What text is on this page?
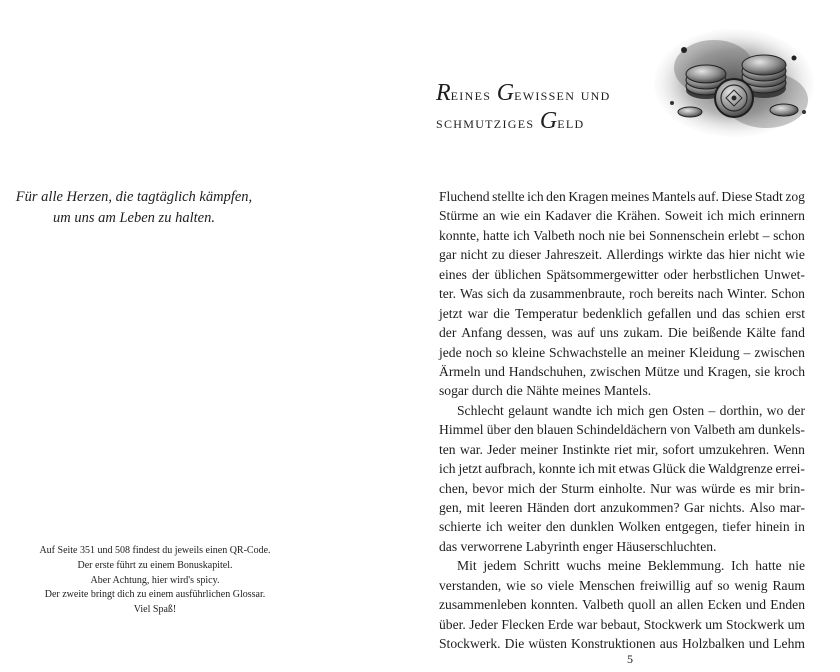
Für alle Herzen, die tagtäglich kämpfen,
um uns am Leben zu halten.
Auf Seite 351 und 508 findest du jeweils einen QR-Code.
Der erste führt zu einem Bonuskapitel.
Aber Achtung, hier wird's spicy.
Der zweite bringt dich zu einem ausführlichen Glossar.
Viel Spaß!
Reines Gewissen und
schmutziges Geld
Fluchend stellte ich den Kragen meines Mantels auf. Diese Stadt zog
Stürme an wie ein Kadaver die Krähen. Soweit ich mich erinnern
konnte, hatte ich Valbeth noch nie bei Sonnenschein erlebt – schon
gar nicht zu dieser Jahreszeit. Allerdings wirkte das hier nicht wie
eines der üblichen Spätsommergewitter oder herbstlichen Unwet-
ter. Was sich da zusammenbraute, roch bereits nach Winter. Schon
jetzt war die Temperatur bedenklich gefallen und das schien erst
der Anfang dessen, was auf uns zukam. Die beißende Kälte fand
jede noch so kleine Schwachstelle an meiner Kleidung – zwischen
Ärmeln und Handschuhen, zwischen Mütze und Kragen, sie kroch
sogar durch die Nähte meines Mantels.
Schlecht gelaunt wandte ich mich gen Osten – dorthin, wo der
Himmel über den blauen Schindeldächern von Valbeth am dunkels-
ten war. Jeder meiner Instinkte riet mir, sofort umzukehren. Wenn
ich jetzt aufbrach, konnte ich mit etwas Glück die Waldgrenze errei-
chen, bevor mich der Sturm einholte. Nur was würde es mir brin-
gen, mit leeren Händen dort anzukommen? Gar nichts. Also mar-
schierte ich weiter den dunklen Wolken entgegen, tiefer hinein in
das verworrene Labyrinth enger Häuserschluchten.
Mit jedem Schritt wuchs meine Beklemmung. Ich hatte nie
verstanden, wie so viele Menschen freiwillig auf so wenig Raum
zusammenleben konnten. Valbeth quoll an allen Ecken und Enden
über. Jeder Flecken Erde war bebaut, Stockwerk um Stockwerk um
Stockwerk. Die wüsten Konstruktionen aus Holzbalken und Lehm
5
